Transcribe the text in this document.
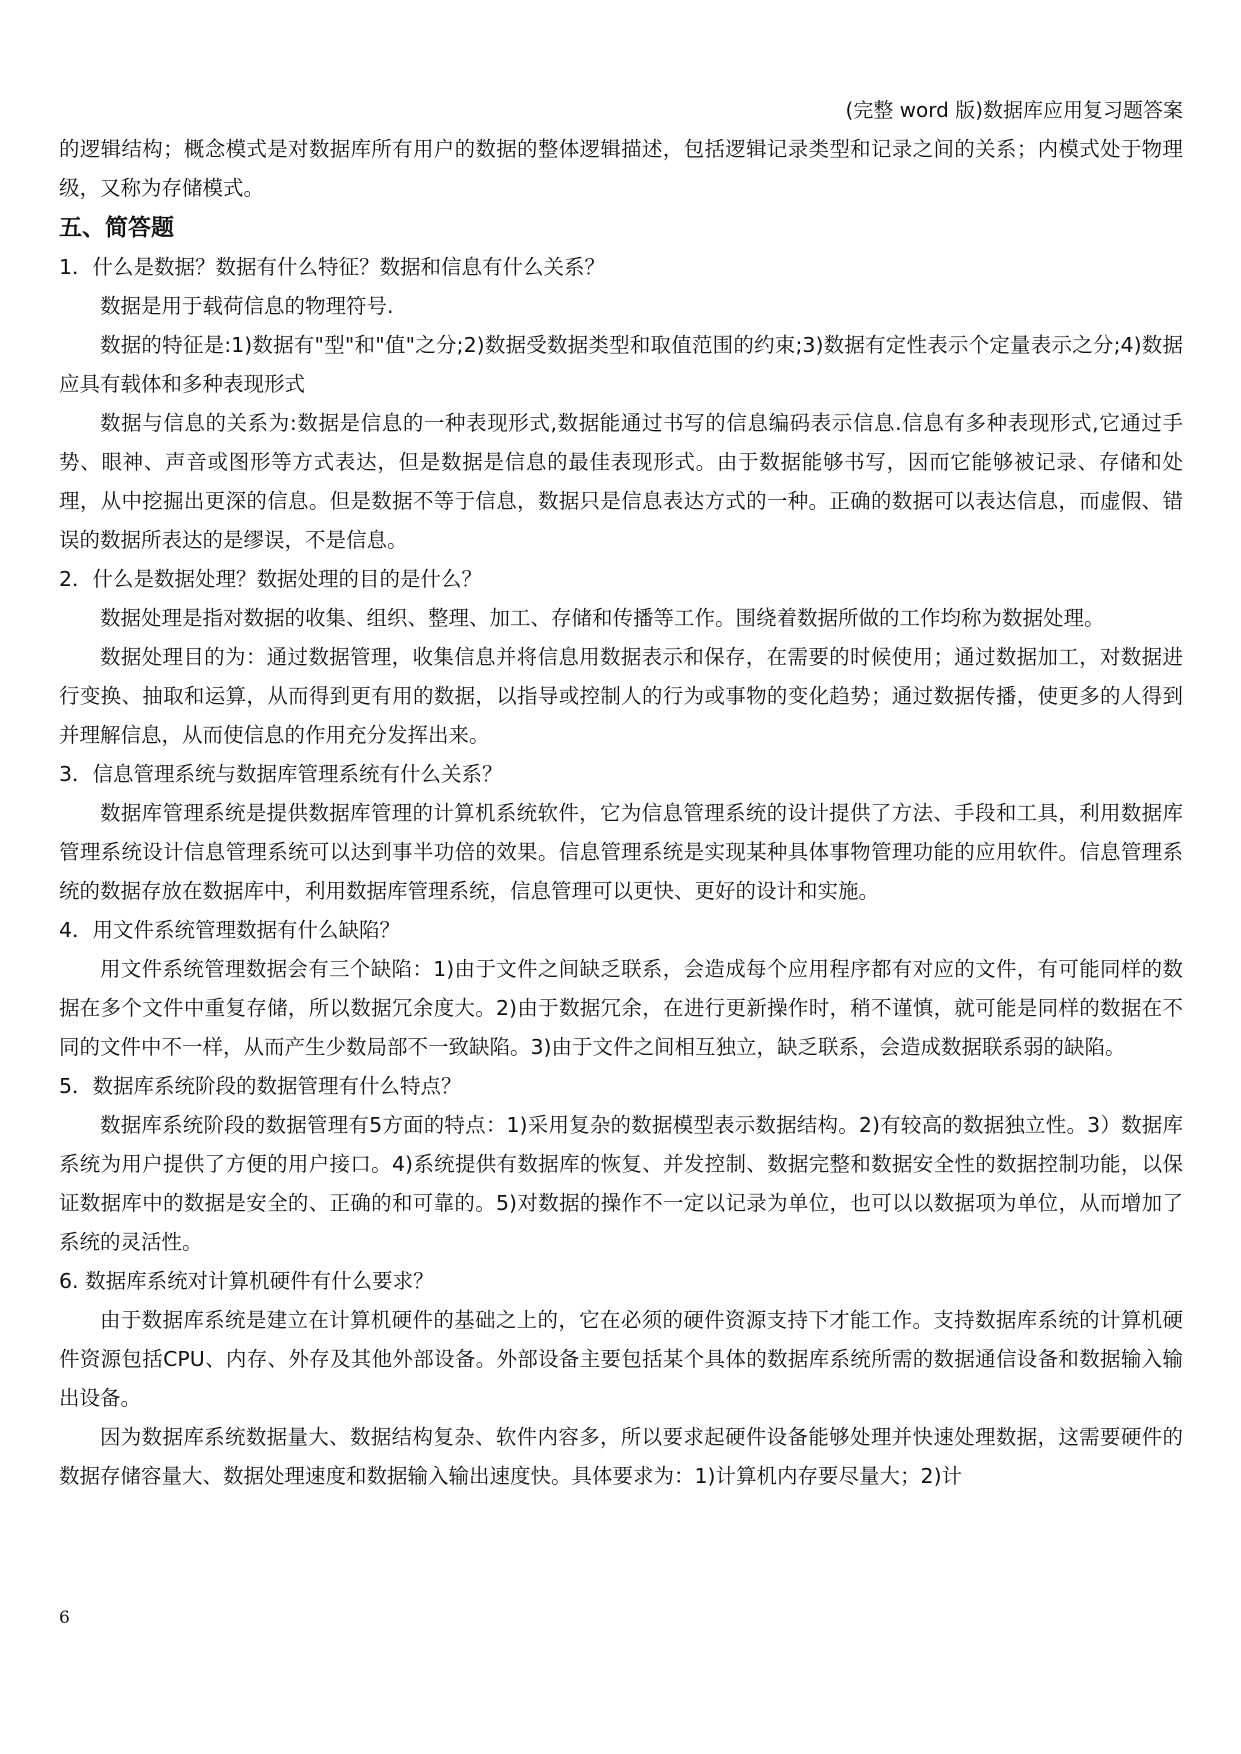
(完整 word 版)数据库应用复习题答案

的逻辑结构；概念模式是对数据库所有用户的数据的整体逻辑描述，包括逻辑记录类型和记录之间的关系；内模式处于物理级，又称为存储模式。

五、简答题

1．什么是数据？数据有什么特征？数据和信息有什么关系？

数据是用于载荷信息的物理符号.

数据的特征是:1)数据有"型"和"值"之分;2)数据受数据类型和取值范围的约束;3)数据有定性表示个定量表示之分;4)数据应具有载体和多种表现形式

数据与信息的关系为:数据是信息的一种表现形式,数据能通过书写的信息编码表示信息.信息有多种表现形式,它通过手势、眼神、声音或图形等方式表达，但是数据是信息的最佳表现形式。由于数据能够书写，因而它能够被记录、存储和处理，从中挖掘出更深的信息。但是数据不等于信息，数据只是信息表达方式的一种。正确的数据可以表达信息，而虚假、错误的数据所表达的是缪误，不是信息。

2．什么是数据处理？数据处理的目的是什么？

数据处理是指对数据的收集、组织、整理、加工、存储和传播等工作。围绕着数据所做的工作均称为数据处理。

数据处理目的为：通过数据管理，收集信息并将信息用数据表示和保存，在需要的时候使用；通过数据加工，对数据进行变换、抽取和运算，从而得到更有用的数据，以指导或控制人的行为或事物的变化趋势；通过数据传播，使更多的人得到并理解信息，从而使信息的作用充分发挥出来。

3．信息管理系统与数据库管理系统有什么关系？

数据库管理系统是提供数据库管理的计算机系统软件，它为信息管理系统的设计提供了方法、手段和工具，利用数据库管理系统设计信息管理系统可以达到事半功倍的效果。信息管理系统是实现某种具体事物管理功能的应用软件。信息管理系统的数据存放在数据库中，利用数据库管理系统，信息管理可以更快、更好的设计和实施。

4．用文件系统管理数据有什么缺陷？

用文件系统管理数据会有三个缺陷：1)由于文件之间缺乏联系，会造成每个应用程序都有对应的文件，有可能同样的数据在多个文件中重复存储，所以数据冗余度大。2)由于数据冗余，在进行更新操作时，稍不谨慎，就可能是同样的数据在不同的文件中不一样，从而产生少数局部不一致缺陷。3)由于文件之间相互独立，缺乏联系，会造成数据联系弱的缺陷。

5．数据库系统阶段的数据管理有什么特点？

数据库系统阶段的数据管理有5方面的特点：1)采用复杂的数据模型表示数据结构。2)有较高的数据独立性。3）数据库系统为用户提供了方便的用户接口。4)系统提供有数据库的恢复、并发控制、数据完整和数据安全性的数据控制功能，以保证数据库中的数据是安全的、正确的和可靠的。5)对数据的操作不一定以记录为单位，也可以以数据项为单位，从而增加了系统的灵活性。

6. 数据库系统对计算机硬件有什么要求？

由于数据库系统是建立在计算机硬件的基础之上的，它在必须的硬件资源支持下才能工作。支持数据库系统的计算机硬件资源包括CPU、内存、外存及其他外部设备。外部设备主要包括某个具体的数据库系统所需的数据通信设备和数据输入输出设备。

因为数据库系统数据量大、数据结构复杂、软件内容多，所以要求起硬件设备能够处理并快速处理数据，这需要硬件的数据存储容量大、数据处理速度和数据输入输出速度快。具体要求为：1)计算机内存要尽量大；2)计

6
